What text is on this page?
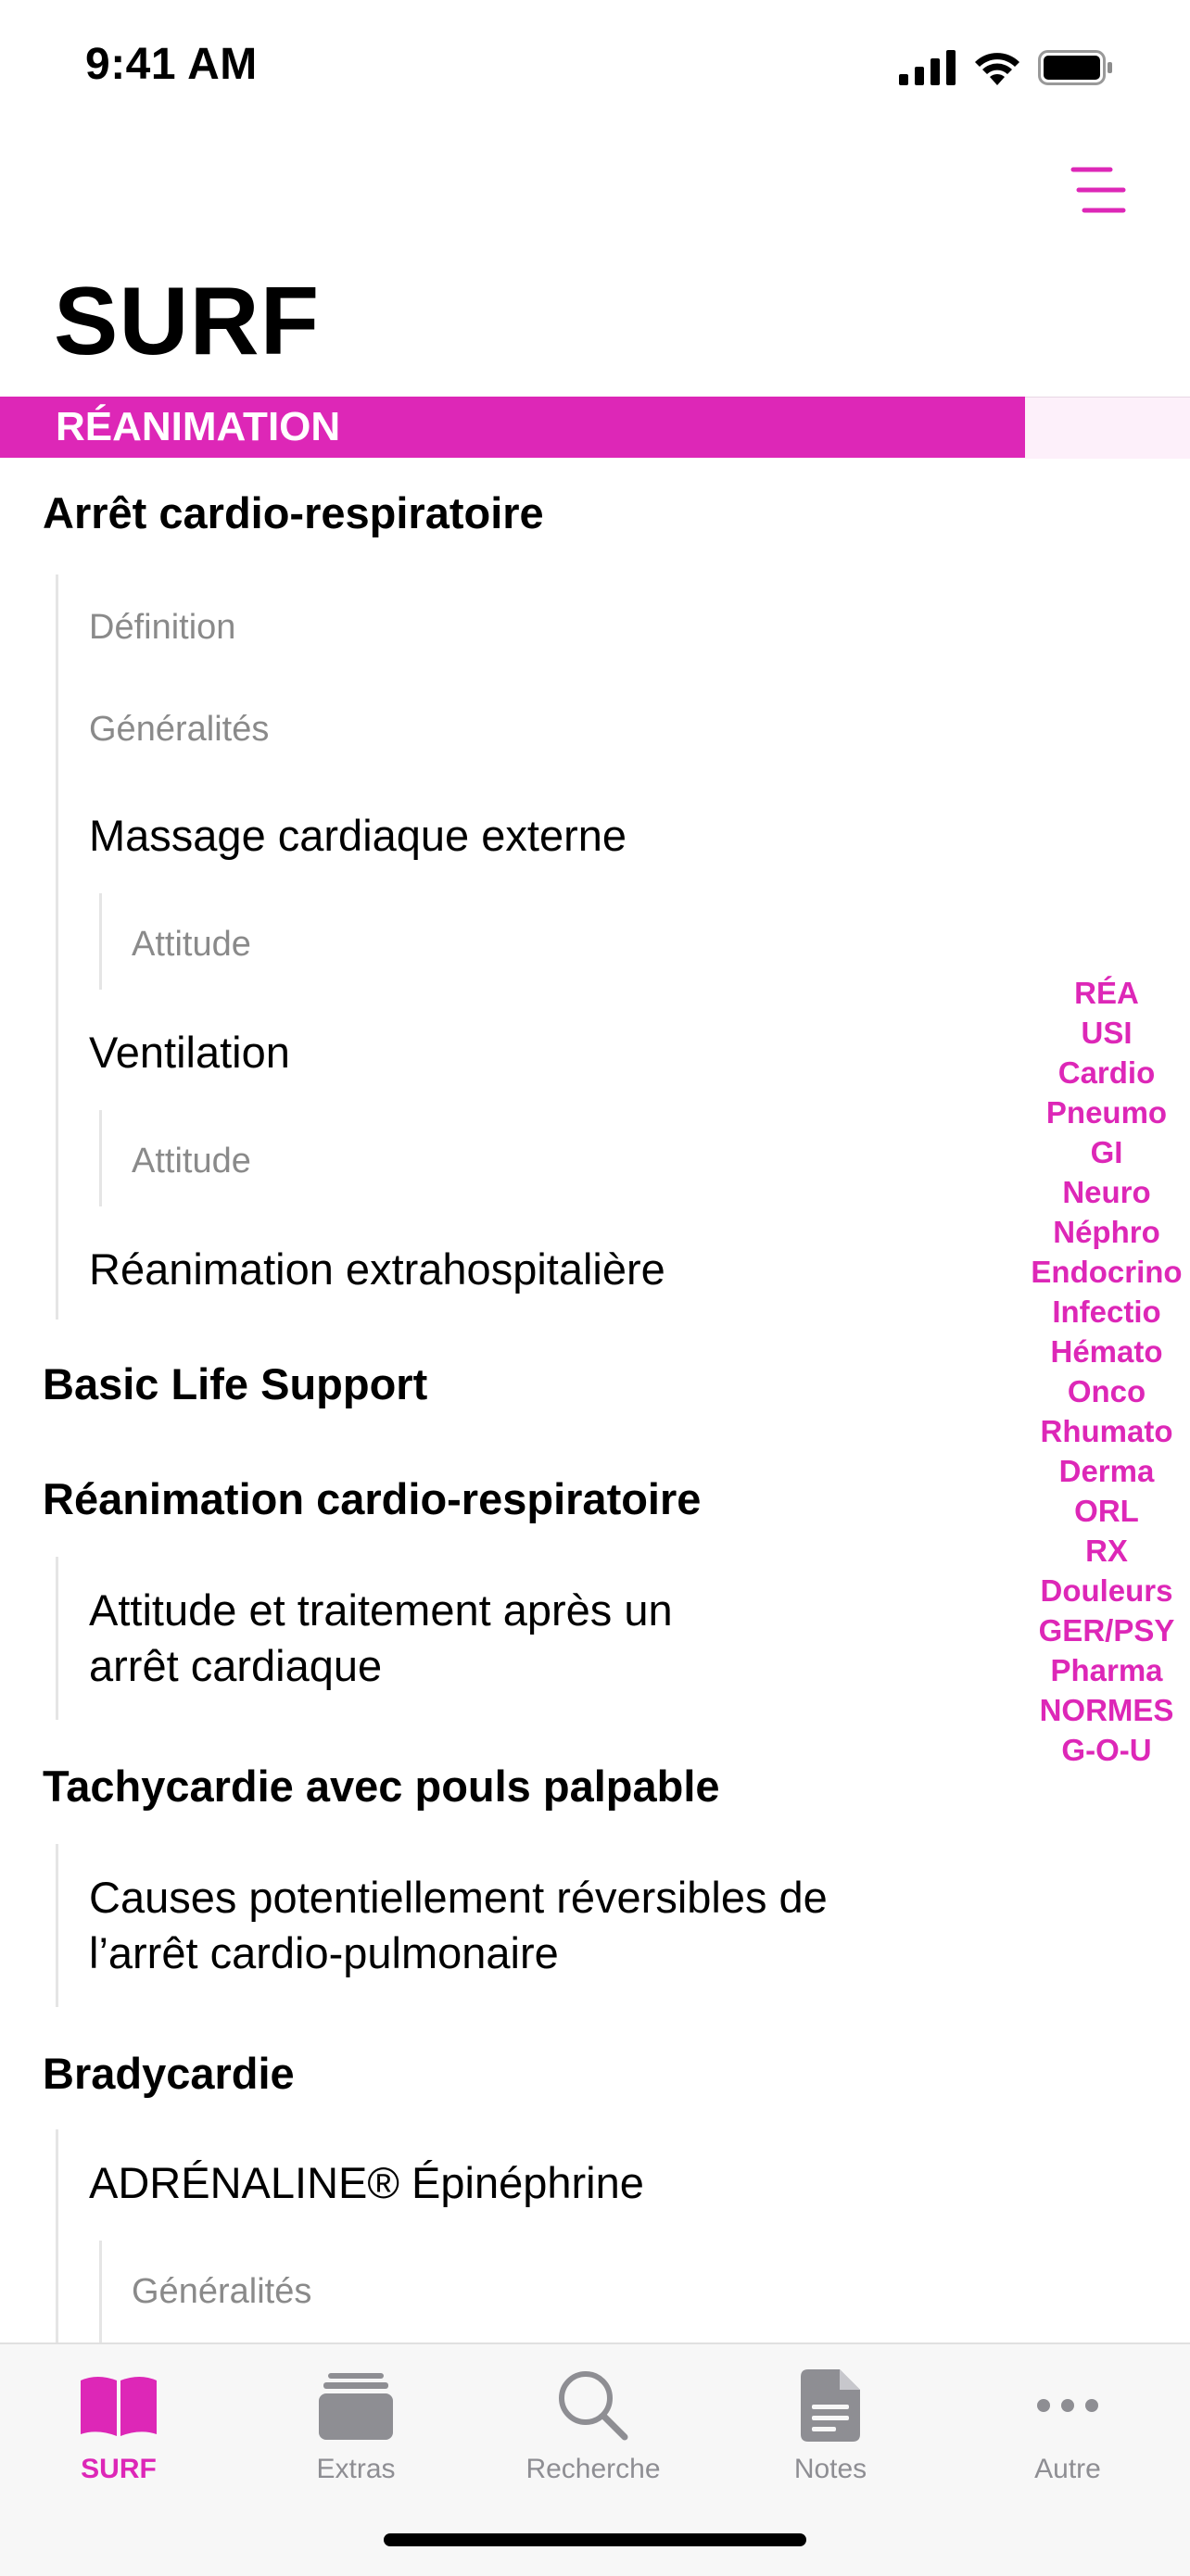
9:41 AM
SURF
RÉANIMATION
Arrêt cardio-respiratoire
Définition
Généralités
Massage cardiaque externe
Attitude
Ventilation
Attitude
Réanimation extrahospitalière
Basic Life Support
Réanimation cardio-respiratoire
Attitude et traitement après un
arrêt cardiaque
Tachycardie avec pouls palpable
Causes potentiellement réversibles de
l’arrêt cardio-pulmonaire
Bradycardie
ADRÉNALINE® Épinéphrine
Généralités
RÉA
USI
Cardio
Pneumo
GI
Neuro
Néphro
Endocrino
Infectio
Hémato
Onco
Rhumato
Derma
ORL
RX
Douleurs
GER/PSY
Pharma
NORMES
G-O-U
SURF	Extras	Recherche	Notes	Autre
